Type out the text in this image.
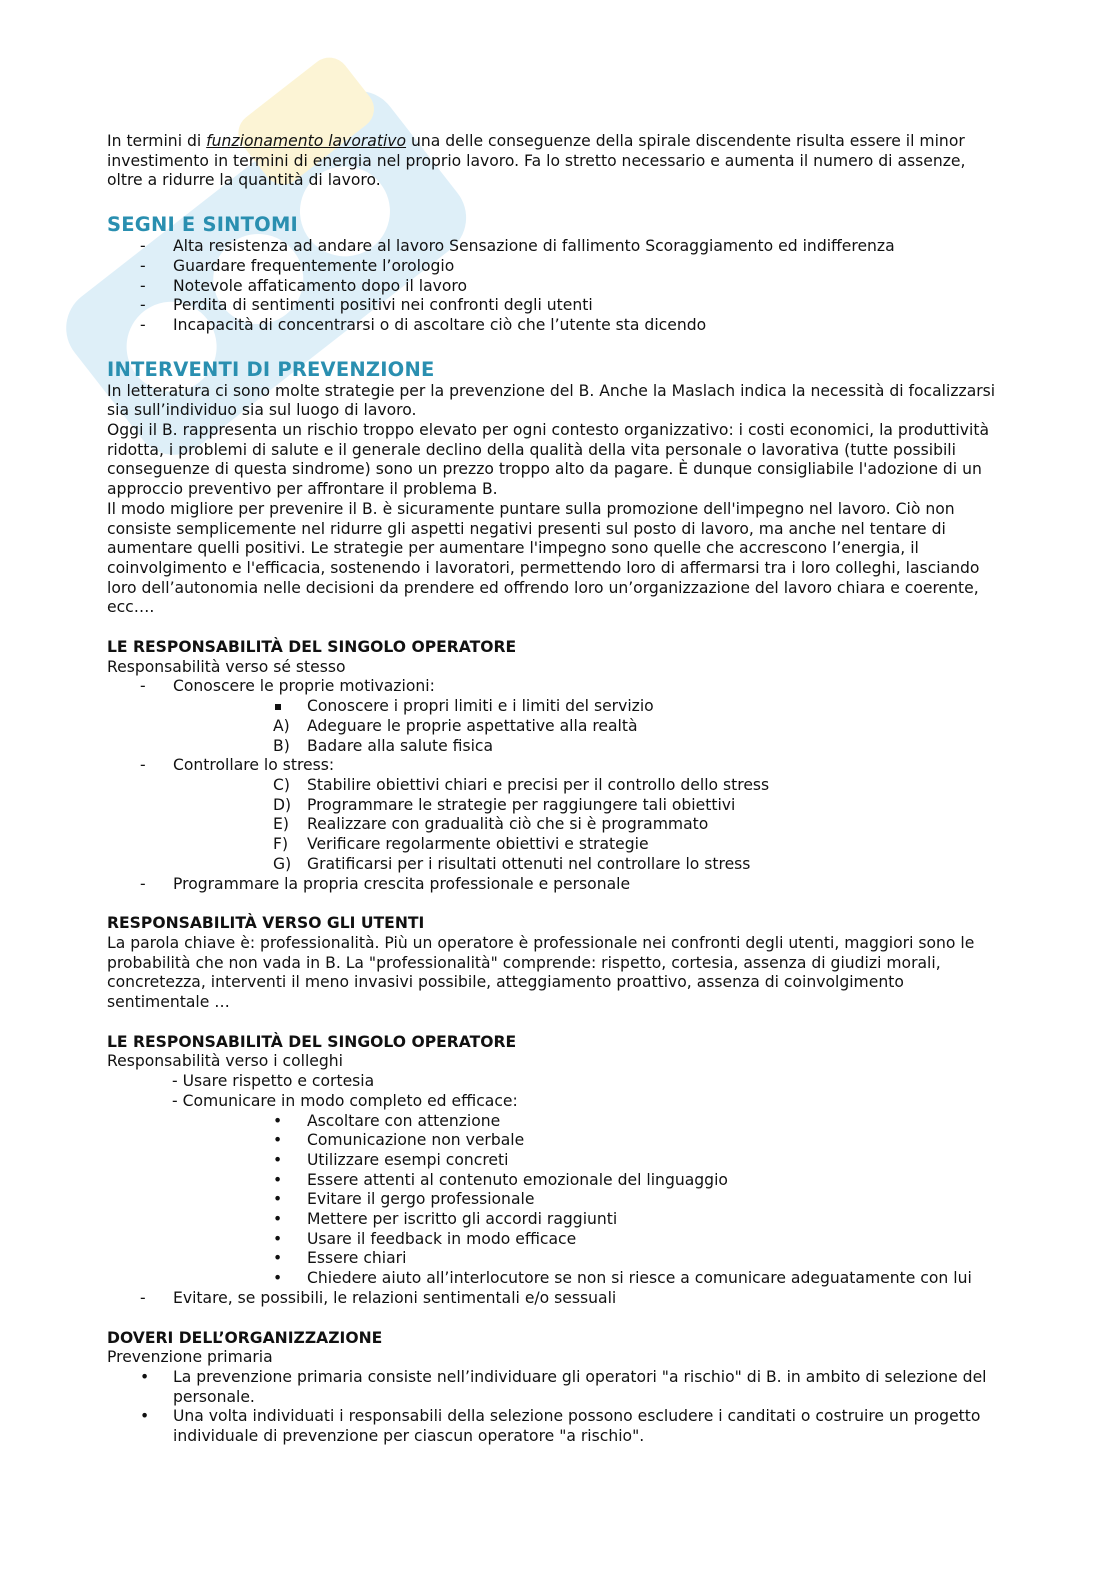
In termini di funzionamento lavorativo una delle conseguenze della spirale discendente risulta essere il minor investimento in termini di energia nel proprio lavoro. Fa lo stretto necessario e aumenta il numero di assenze, oltre a ridurre la quantità di lavoro.

SEGNI E SINTOMI
- Alta resistenza ad andare al lavoro Sensazione di fallimento Scoraggiamento ed indifferenza
- Guardare frequentemente l’orologio
- Notevole affaticamento dopo il lavoro
- Perdita di sentimenti positivi nei confronti degli utenti
- Incapacità di concentrarsi o di ascoltare ciò che l’utente sta dicendo
INTERVENTI DI PREVENZIONE

In letteratura ci sono molte strategie per la prevenzione del B. Anche la Maslach indica la necessità di focalizzarsi sia sull’individuo sia sul luogo di lavoro.

Oggi il B. rappresenta un rischio troppo elevato per ogni contesto organizzativo: i costi economici, la produttività ridotta, i problemi di salute e il generale declino della qualità della vita personale o lavorativa (tutte possibili conseguenze di questa sindrome) sono un prezzo troppo alto da pagare. È dunque consigliabile l'adozione di un approccio preventivo per affrontare il problema B.

Il modo migliore per prevenire il B. è sicuramente puntare sulla promozione dell'impegno nel lavoro. Ciò non consiste semplicemente nel ridurre gli aspetti negativi presenti sul posto di lavoro, ma anche nel tentare di aumentare quelli positivi. Le strategie per aumentare l'impegno sono quelle che accrescono l’energia, il coinvolgimento e l'efficacia, sostenendo i lavoratori, permettendo loro di affermarsi tra i loro colleghi, lasciando loro dell’autonomia nelle decisioni da prendere ed offrendo loro un’organizzazione del lavoro chiara e coerente, ecc….

LE RESPONSABILITÀ DEL SINGOLO OPERATORE

Responsabilità verso sé stesso

- Conoscere le proprie motivazioni:
Conoscere i propri limiti e i limiti del servizio
A) Adeguare le proprie aspettative alla realtà
B) Badare alla salute fisica
- Controllare lo stress:
C) Stabilire obiettivi chiari e precisi per il controllo dello stress
D) Programmare le strategie per raggiungere tali obiettivi
E) Realizzare con gradualità ciò che si è programmato
F) Verificare regolarmente obiettivi e strategie
G) Gratificarsi per i risultati ottenuti nel controllare lo stress
- Programmare la propria crescita professionale e personale
RESPONSABILITÀ VERSO GLI UTENTI

La parola chiave è: professionalità. Più un operatore è professionale nei confronti degli utenti, maggiori sono le probabilità che non vada in B. La "professionalità" comprende: rispetto, cortesia, assenza di giudizi morali, concretezza, interventi il meno invasivi possibile, atteggiamento proattivo, assenza di coinvolgimento sentimentale …

LE RESPONSABILITÀ DEL SINGOLO OPERATORE

Responsabilità verso i colleghi

- Usare rispetto e cortesia

- Comunicare in modo completo ed efficace:

• Ascoltare con attenzione
• Comunicazione non verbale
• Utilizzare esempi concreti
• Essere attenti al contenuto emozionale del linguaggio
• Evitare il gergo professionale
• Mettere per iscritto gli accordi raggiunti
• Usare il feedback in modo efficace
• Essere chiari
• Chiedere aiuto all’interlocutore se non si riesce a comunicare adeguatamente con lui
- Evitare, se possibili, le relazioni sentimentali e/o sessuali
DOVERI DELL’ORGANIZZAZIONE

Prevenzione primaria

• La prevenzione primaria consiste nell’individuare gli operatori "a rischio" di B. in ambito di selezione del personale.
• Una volta individuati i responsabili della selezione possono escludere i canditati o costruire un progetto individuale di prevenzione per ciascun operatore "a rischio".
